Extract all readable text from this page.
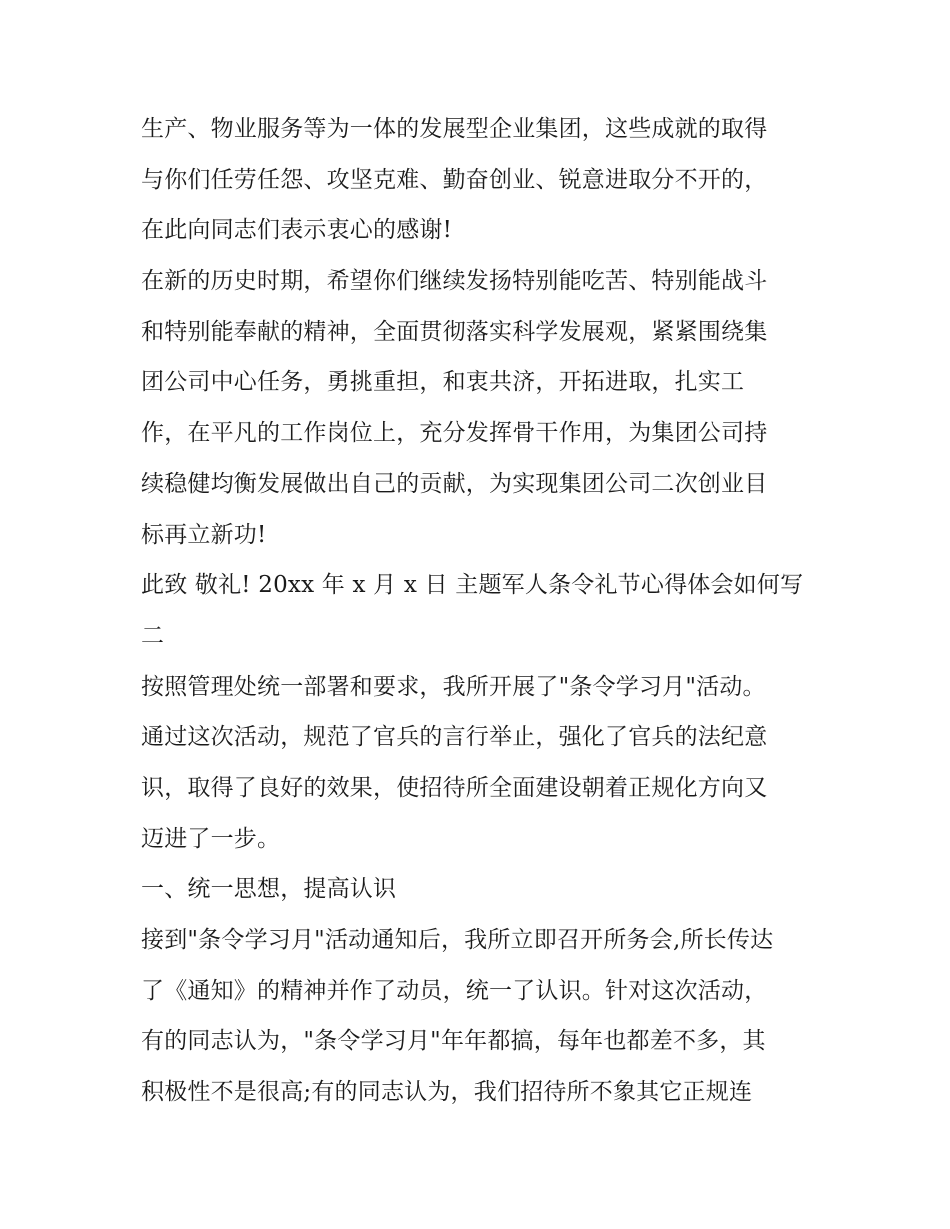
生产、物业服务等为一体的发展型企业集团，这些成就的取得
与你们任劳任怨、攻坚克难、勤奋创业、锐意进取分不开的，
在此向同志们表示衷心的感谢!
在新的历史时期，希望你们继续发扬特别能吃苦、特别能战斗
和特别能奉献的精神，全面贯彻落实科学发展观，紧紧围绕集
团公司中心任务，勇挑重担，和衷共济，开拓进取，扎实工
作，在平凡的工作岗位上，充分发挥骨干作用，为集团公司持
续稳健均衡发展做出自己的贡献，为实现集团公司二次创业目
标再立新功!
此致 敬礼! 20xx 年 x 月 x 日 主题军人条令礼节心得体会如何写
二
按照管理处统一部署和要求，我所开展了"条令学习月"活动。
通过这次活动，规范了官兵的言行举止，强化了官兵的法纪意
识，取得了良好的效果，使招待所全面建设朝着正规化方向又
迈进了一步。
一、统一思想，提高认识
接到"条令学习月"活动通知后，我所立即召开所务会,所长传达
了《通知》的精神并作了动员，统一了认识。针对这次活动，
有的同志认为，"条令学习月"年年都搞，每年也都差不多，其
积极性不是很高;有的同志认为，我们招待所不象其它正规连
